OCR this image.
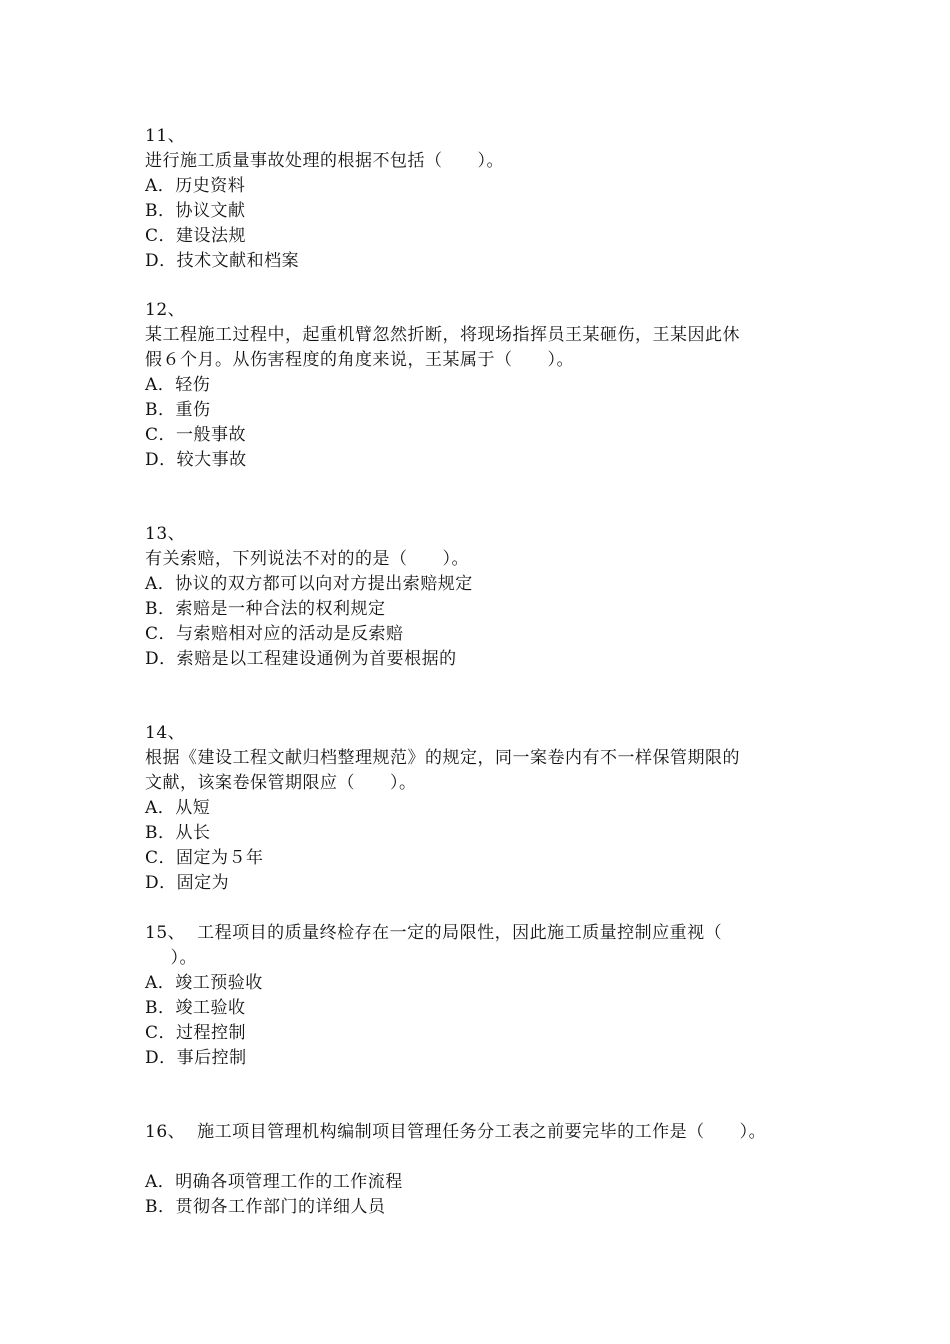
11、
进行施工质量事故处理的根据不包括（　　）。
A．历史资料
B．协议文献
C．建设法规
D．技术文献和档案
12、
某工程施工过程中，起重机臂忽然折断，将现场指挥员王某砸伤，王某因此休
假６个月。从伤害程度的角度来说，王某属于（　　）。
A．轻伤
B．重伤
C．一般事故
D．较大事故
13、
有关索赔，下列说法不对的的是（　　）。
A．协议的双方都可以向对方提出索赔规定
B．索赔是一种合法的权利规定
C．与索赔相对应的活动是反索赔
D．索赔是以工程建设通例为首要根据的
14、
根据《建设工程文献归档整理规范》的规定，同一案卷内有不一样保管期限的
文献，该案卷保管期限应（　　）。
A．从短
B．从长
C．固定为５年
D．固定为
15、 工程项目的质量终检存在一定的局限性，因此施工质量控制应重视（
　）。
A．竣工预验收
B．竣工验收
C．过程控制
D．事后控制
16、 施工项目管理机构编制项目管理任务分工表之前要完毕的工作是（　　）。
A．明确各项管理工作的工作流程
B．贯彻各工作部门的详细人员
